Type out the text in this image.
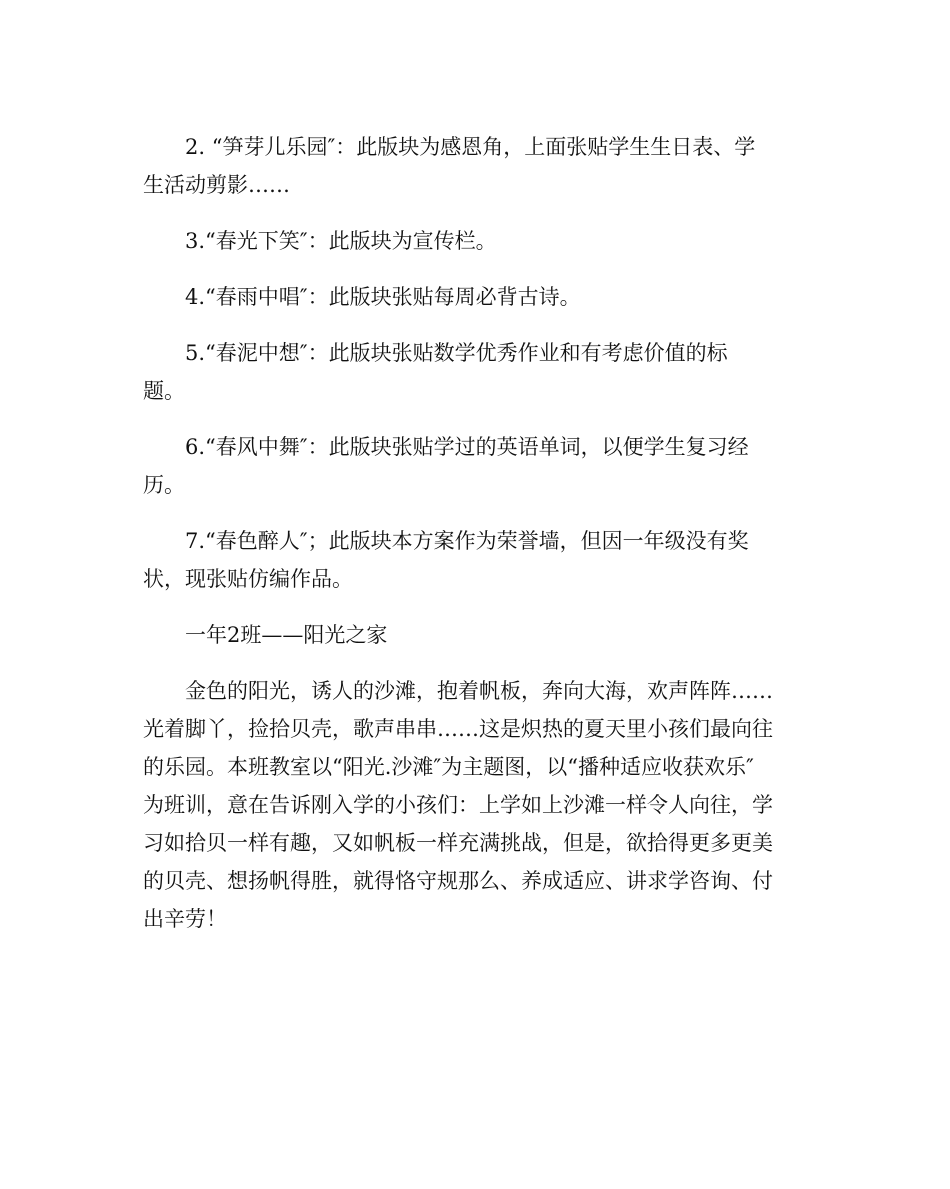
2. “笋芽儿乐园″：此版块为感恩角，上面张贴学生生日表、学
生活动剪影……
3.“春光下笑″：此版块为宣传栏。
4.“春雨中唱″：此版块张贴每周必背古诗。
5.“春泥中想″：此版块张贴数学优秀作业和有考虑价值的标
题。
6.“春风中舞″：此版块张贴学过的英语单词，以便学生复习经
历。
7.“春色醉人″；此版块本方案作为荣誉墙，但因一年级没有奖
状，现张贴仿编作品。
一年2班——阳光之家
金色的阳光，诱人的沙滩，抱着帆板，奔向大海，欢声阵阵……
光着脚丫，捡拾贝壳，歌声串串……这是炽热的夏天里小孩们最向往
的乐园。本班教室以“阳光.沙滩″为主题图，以“播种适应收获欢乐″
为班训，意在告诉刚入学的小孩们：上学如上沙滩一样令人向往，学
习如拾贝一样有趣，又如帆板一样充满挑战，但是，欲拾得更多更美
的贝壳、想扬帆得胜，就得恪守规那么、养成适应、讲求学咨询、付
出辛劳！
